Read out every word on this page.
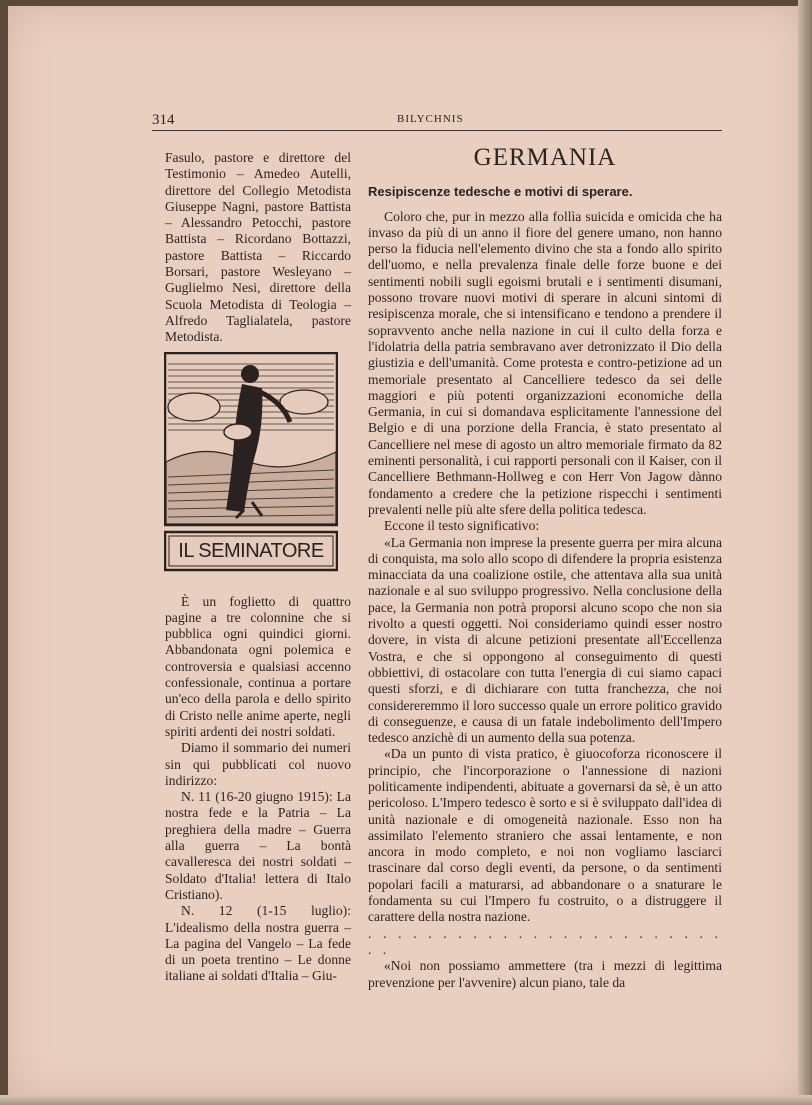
314	BILYCHNIS

Fasulo, pastore e direttore del Testimonio – Amedeo Autelli, direttore del Collegio Metodista Giuseppe Nagni, pastore Battista – Alessandro Petocchi, pastore Battista – Ricordano Bottazzi, pastore Battista – Riccardo Borsari, pastore Wesleyano – Guglielmo Nesi, direttore della Scuola Metodista di Teologia – Alfredo Taglialatela, pastore Metodista.

È un foglietto di quattro pagine a tre colonnine che si pubblica ogni quindici giorni. Abbandonata ogni polemica e controversia e qualsiasi accenno confessionale, continua a portare un'eco della parola e dello spirito di Cristo nelle anime aperte, negli spiriti ardenti dei nostri soldati.

Diamo il sommario dei numeri sin qui pubblicati col nuovo indirizzo:

N. 11 (16-20 giugno 1915): La nostra fede e la Patria – La preghiera della madre – Guerra alla guerra – La bontà cavalleresca dei nostri soldati – Soldato d'Italia! lettera di Italo Cristiano).

N. 12 (1-15 luglio): L'idealismo della nostra guerra – La pagina del Vangelo – La fede di un poeta trentino – Le donne italiane ai soldati d'Italia – Giu-

IL SEMINATORE
GERMANIA
Resipiscenze tedesche e motivi di sperare.

Coloro che, pur in mezzo alla follìa suicida e omicida che ha invaso da più di un anno il fiore del genere umano, non hanno perso la fiducia nell'elemento divino che sta a fondo allo spirito dell'uomo, e nella prevalenza finale delle forze buone e dei sentimenti nobili sugli egoismi brutali e i sentimenti disumani, possono trovare nuovi motivi di sperare in alcuni sintomi di resipiscenza morale, che si intensificano e tendono a prendere il sopravvento anche nella nazione in cui il culto della forza e l'idolatria della patria sembravano aver detronizzato il Dio della giustizia e dell'umanità. Come protesta e contro-petizione ad un memoriale presentato al Cancelliere tedesco da sei delle maggiori e più potenti organizzazioni economiche della Germania, in cui si domandava esplicitamente l'annessione del Belgio e di una porzione della Francia, è stato presentato al Cancelliere nel mese di agosto un altro memoriale firmato da 82 eminenti personalità, i cui rapporti personali con il Kaiser, con il Cancelliere Bethmann-Hollweg e con Herr Von Jagow dànno fondamento a credere che la petizione rispecchi i sentimenti prevalenti nelle più alte sfere della politica tedesca.

Eccone il testo significativo:

«La Germania non imprese la presente guerra per mira alcuna di conquista, ma solo allo scopo di difendere la propria esistenza minacciata da una coalizione ostile, che attentava alla sua unità nazionale e al suo sviluppo progressivo. Nella conclusione della pace, la Germania non potrà proporsi alcuno scopo che non sia rivolto a questi oggetti. Noi consideriamo quindi esser nostro dovere, in vista di alcune petizioni presentate all'Eccellenza Vostra, e che si oppongono al conseguimento di questi obbiettivi, di ostacolare con tutta l'energia di cui siamo capaci questi sforzi, e di dichiarare con tutta franchezza, che noi considereremmo il loro successo quale un errore politico gravido di conseguenze, e causa di un fatale indebolimento dell'Impero tedesco anzichè di un aumento della sua potenza.

«Da un punto di vista pratico, è giuocoforza riconoscere il principio, che l'incorporazione o l'annessione di nazioni politicamente indipendenti, abituate a governarsi da sè, è un atto pericoloso. L'Impero tedesco è sorto e si è sviluppato dall'idea di unità nazionale e di omogeneità nazionale. Esso non ha assimilato l'elemento straniero che assai lentamente, e non ancora in modo completo, e noi non vogliamo lasciarci trascinare dal corso degli eventi, da persone, o da sentimenti popolari facili a maturarsi, ad abbandonare o a snaturare le fondamenta su cui l'Impero fu costruito, o a distruggere il carattere della nostra nazione.

. . . . . . . . . . . . . . . . . . . . . . . . . .

«Noi non possiamo ammettere (tra i mezzi di legittima prevenzione per l'avvenire) alcun piano, tale da
